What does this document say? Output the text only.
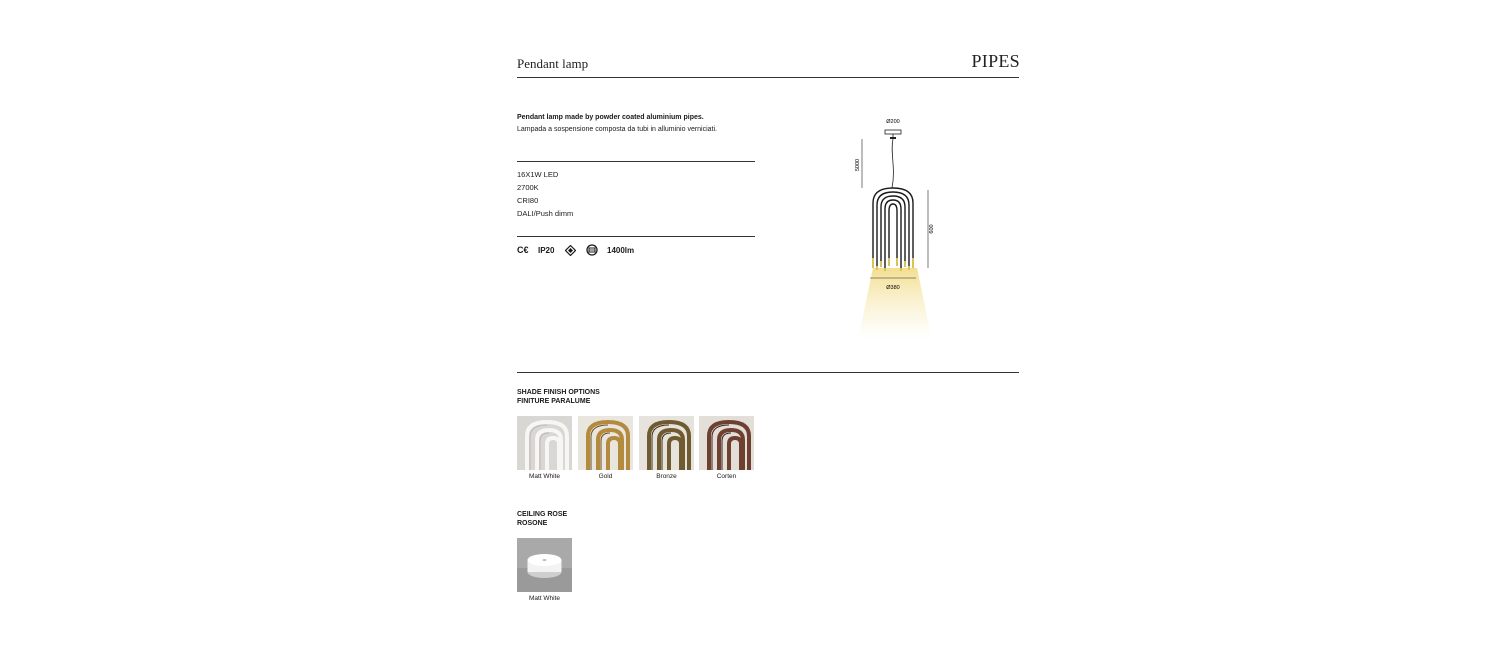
Pendant lamp	PIPES
Pendant lamp made by powder coated aluminium pipes.
Lampada a sospensione composta da tubi in alluminio verniciati.
16X1W LED
2700K
CRI80
DALI/Push dimm
C€ IP20	1400lm
Ø200
5000
600
Ø380
SHADE FINISH OPTIONS
FINITURE PARALUME
Matt White	Gold	Bronze	Corten
CEILING ROSE
ROSONE
Matt White
